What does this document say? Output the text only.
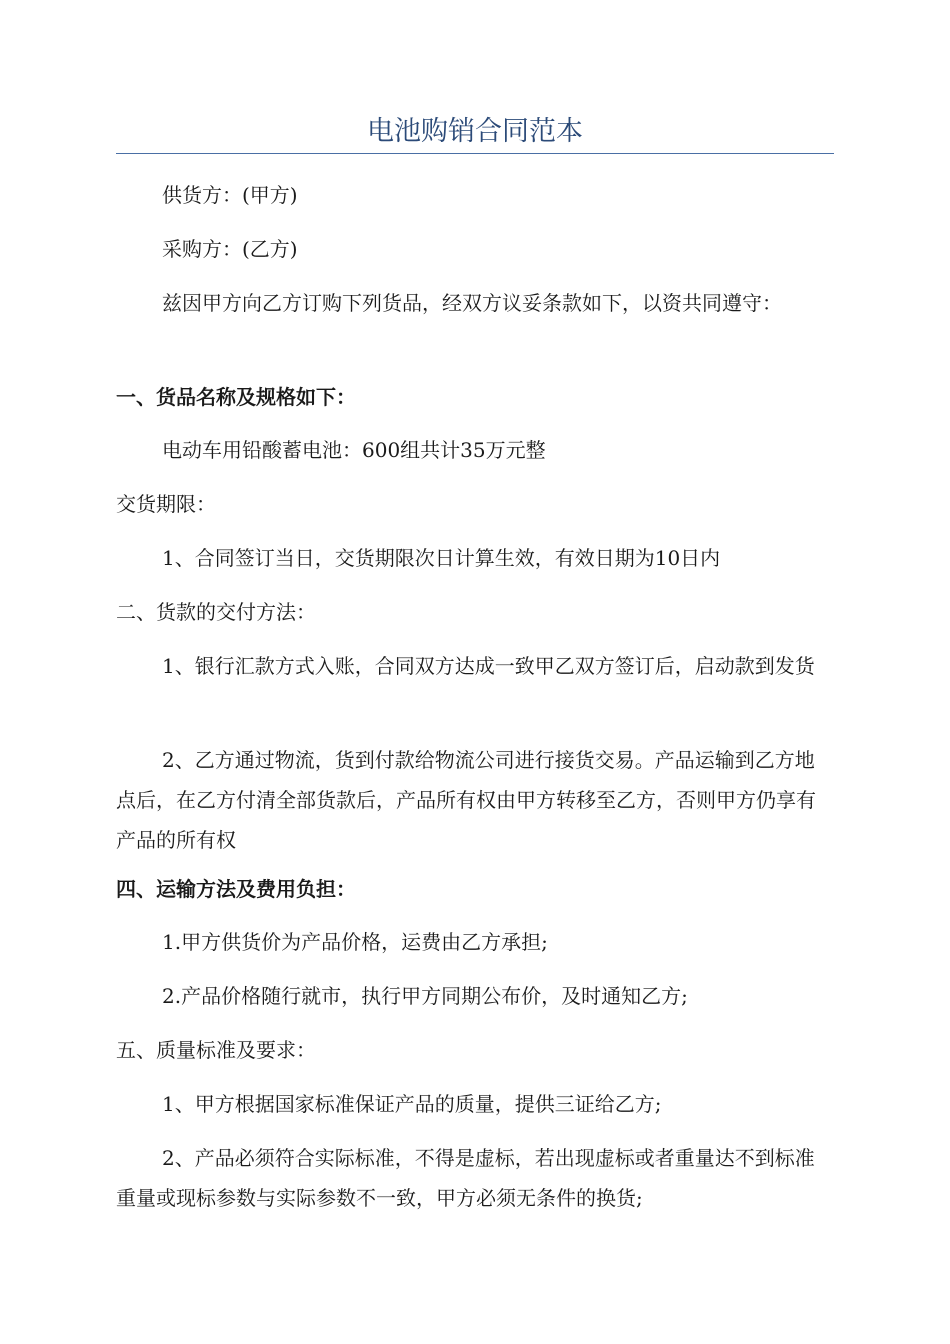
电池购销合同范本

供货方：(甲方)

采购方：(乙方)

兹因甲方向乙方订购下列货品，经双方议妥条款如下，以资共同遵守：

一、货品名称及规格如下：

电动车用铅酸蓄电池：600组共计35万元整

交货期限：

1、合同签订当日，交货期限次日计算生效，有效日期为10日内

二、货款的交付方法：

1、银行汇款方式入账，合同双方达成一致甲乙双方签订后，启动款到发货

2、乙方通过物流，货到付款给物流公司进行接货交易。产品运输到乙方地点后，在乙方付清全部货款后，产品所有权由甲方转移至乙方，否则甲方仍享有产品的所有权

四、运输方法及费用负担：

1.甲方供货价为产品价格，运费由乙方承担;

2.产品价格随行就市，执行甲方同期公布价，及时通知乙方;

五、质量标准及要求：

1、甲方根据国家标准保证产品的质量，提供三证给乙方;

2、产品必须符合实际标准，不得是虚标，若出现虚标或者重量达不到标准重量或现标参数与实际参数不一致，甲方必须无条件的换货;
